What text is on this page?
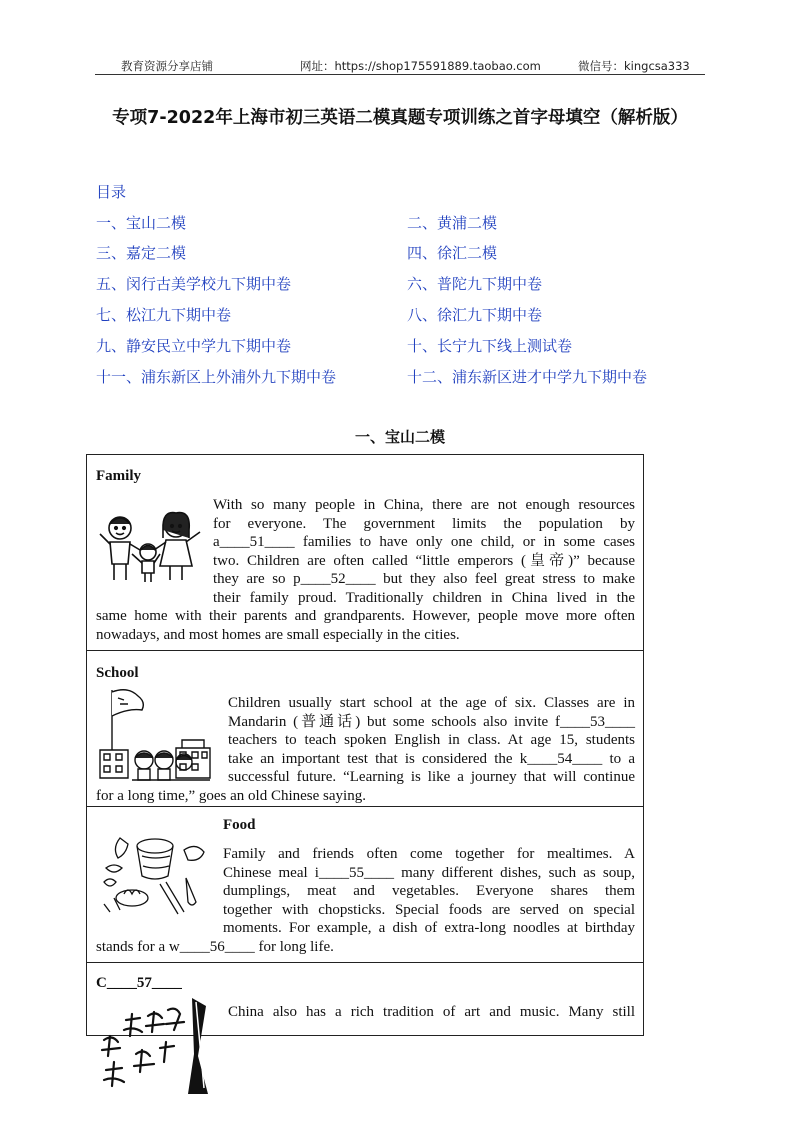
教育资源分享店铺	网址：https://shop175591889.taobao.com	微信号：kingcsa333
专项7-2022年上海市初三英语二模真题专项训练之首字母填空（解析版）
目录
一、宝山二模	二、黄浦二模
三、嘉定二模	四、徐汇二模
五、闵行古美学校九下期中卷	六、普陀九下期中卷
七、松江九下期中卷	八、徐汇九下期中卷
九、静安民立中学九下期中卷	十、长宁九下线上测试卷
十一、浦东新区上外浦外九下期中卷	十二、浦东新区进才中学九下期中卷
一、宝山二模
Family
With so many people in China, there are not enough resources
for everyone. The government limits the population by
a____51____ families to have only one child, or in some cases
two. Children are often called “little emperors (皇帝)” because
they are so p____52____ but they also feel great stress to make
their family proud. Traditionally children in China lived in the
same home with their parents and grandparents. However, people move more often
nowadays, and most homes are small especially in the cities.
School
Children usually start school at the age of six. Classes are in
Mandarin (普通话) but some schools also invite f____53____
teachers to teach spoken English in class. At age 15, students
take an important test that is considered the k____54____ to a
successful future. “Learning is like a journey that will continue
for a long time,” goes an old Chinese saying.
Food
Family and friends often come together for mealtimes. A
Chinese meal i____55____ many different dishes, such as soup,
dumplings, meat and vegetables. Everyone shares them
together with chopsticks. Special foods are served on special
moments. For example, a dish of extra-long noodles at birthday
stands for a w____56____ for long life.
C____57____
China also has a rich tradition of art and music. Many still
